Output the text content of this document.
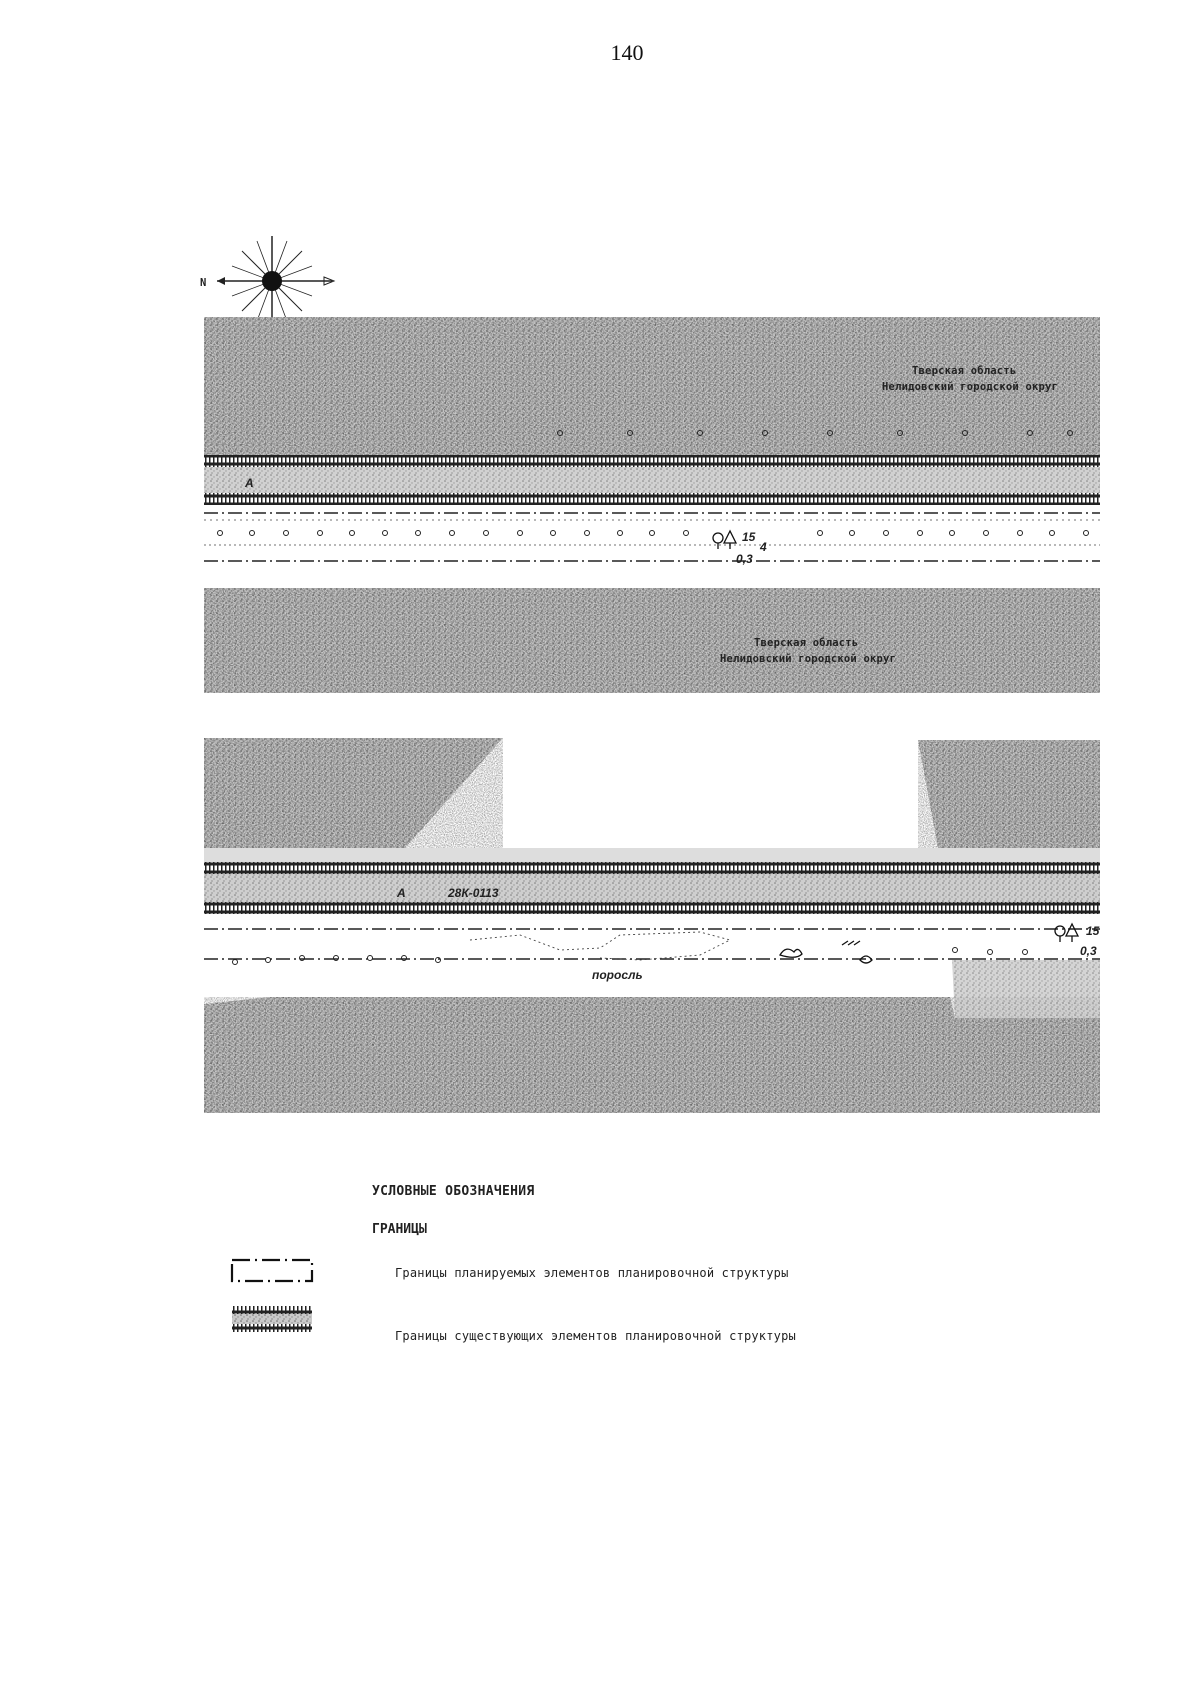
140
N
А
15
4
0,3
Тверская область
Нелидовский городской округ
Тверская область
Нелидовский городской округ
15
0,3
А	28К-0113
поросль
УСЛОВНЫЕ ОБОЗНАЧЕНИЯ
ГРАНИЦЫ
Границы планируемых элементов планировочной структуры
Границы существующих элементов планировочной структуры
